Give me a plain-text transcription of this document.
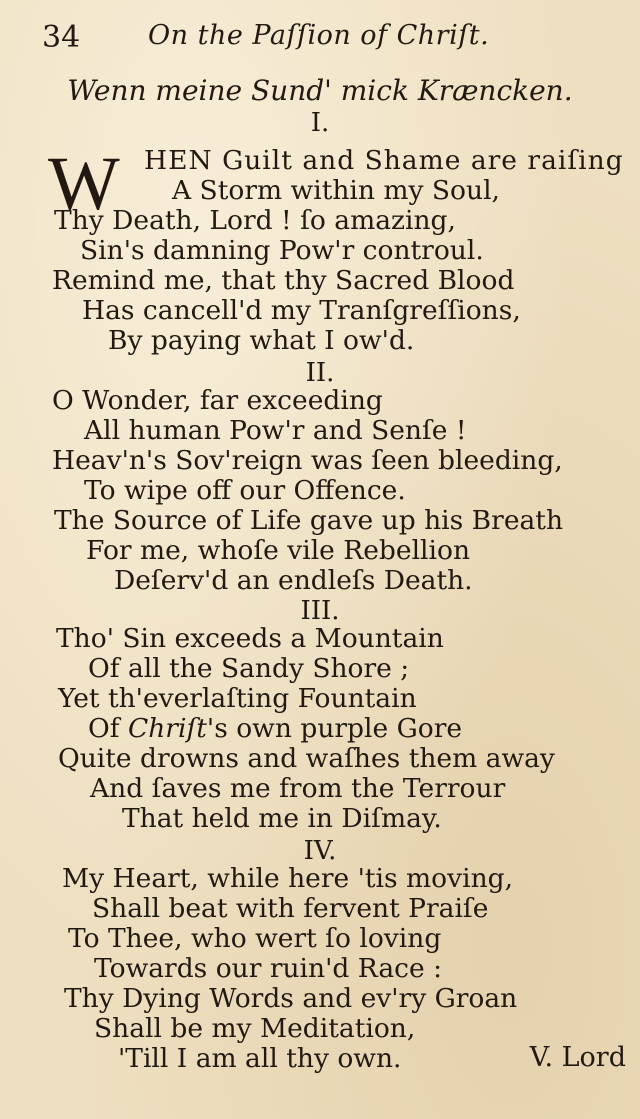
34	On the Paſſion of Chriſt.
Wenn meine Sund' mick Kræncken.
I.
W HEN Guilt and Shame are raiſing
A Storm within my Soul,
Thy Death, Lord ! ſo amazing,
Sin's damning Pow'r controul.
Remind me, that thy Sacred Blood
Has cancell'd my Tranſgreſſions,
By paying what I ow'd.
II.
O Wonder, far exceeding
All human Pow'r and Senſe !
Heav'n's Sov'reign was ſeen bleeding,
To wipe off our Offence.
The Source of Life gave up his Breath
For me, whoſe vile Rebellion
Deſerv'd an endleſs Death.
III.
Tho' Sin exceeds a Mountain
Of all the Sandy Shore ;
Yet th'everlaſting Fountain
Of Chriſt's own purple Gore
Quite drowns and waſhes them away
And ſaves me from the Terrour
That held me in Diſmay.
IV.
My Heart, while here 'tis moving,
Shall beat with fervent Praiſe
To Thee, who wert ſo loving
Towards our ruin'd Race :
Thy Dying Words and ev'ry Groan
Shall be my Meditation,
'Till I am all thy own.	V. Lord
